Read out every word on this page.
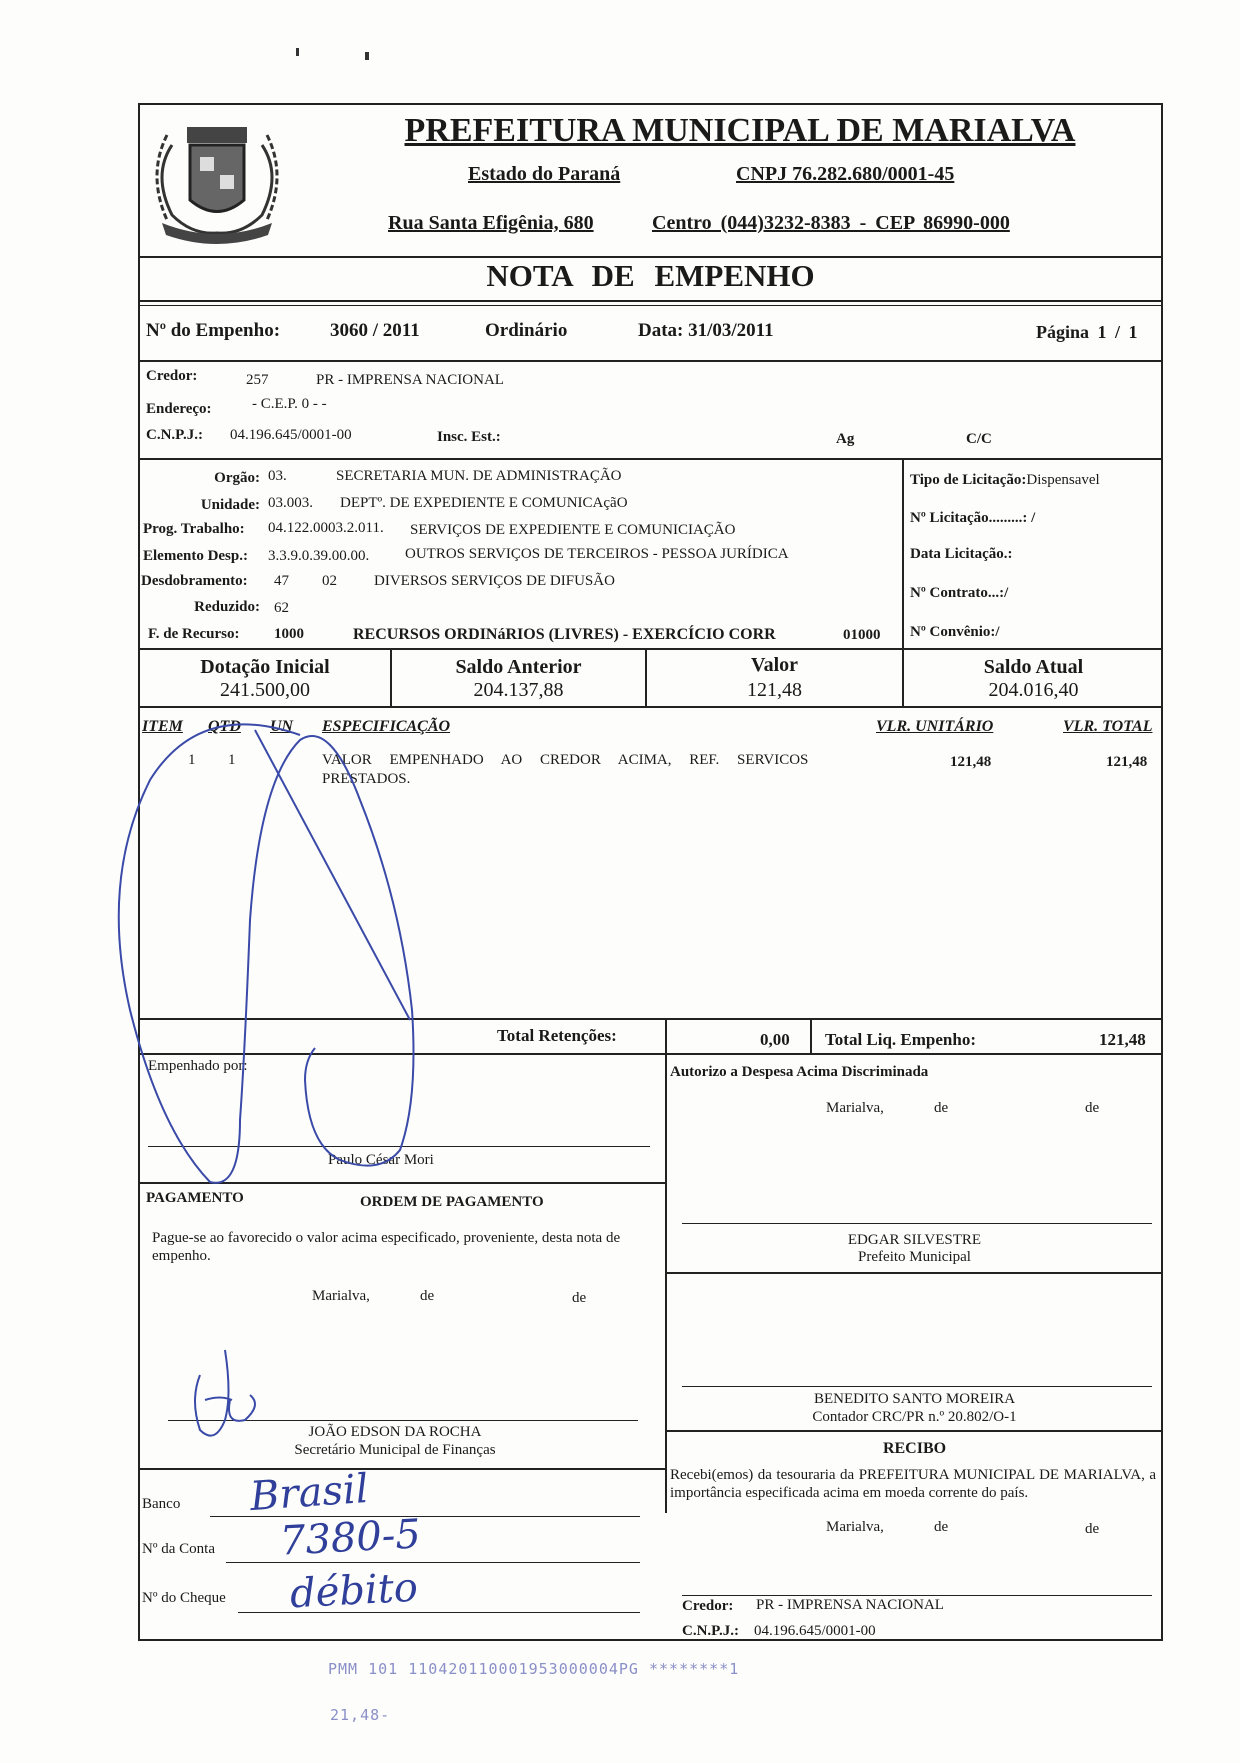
PREFEITURA MUNICIPAL DE MARIALVA
Estado do Paraná	CNPJ 76.282.680/0001-45
Rua Santa Efigênia, 680	Centro (044)3232-8383 - CEP 86990-000
NOTA DE EMPENHO
Nº do Empenho:	3060 / 2011	Ordinário	Data: 31/03/2011	Página 1 / 1
Credor:	257	PR - IMPRENSA NACIONAL
Endereço:	- C.E.P. 0 - -
C.N.P.J.: 04.196.645/0001-00	Insc. Est.:	Ag	C/C
Orgão: 03.	SECRETARIA MUN. DE ADMINISTRAÇÃO
Unidade: 03.003. DEPTº. DE EXPEDIENTE E COMUNICAçãO
Prog. Trabalho: 04.122.0003.2.011. SERVIÇOS DE EXPEDIENTE E COMUNICIAÇÃO
Elemento Desp.: 3.3.9.0.39.00.00. OUTROS SERVIÇOS DE TERCEIROS - PESSOA JURÍDICA
Desdobramento: 47 02 DIVERSOS SERVIÇOS DE DIFUSÃO
Reduzido: 62
F. de Recurso: 1000	RECURSOS ORDINáRIOS (LIVRES) - EXERCÍCIO CORR	01000
Tipo de Licitação:Dispensavel
Nº Licitação.........: /
Data Licitação.:
Nº Contrato...:/
Nº Convênio:/
Dotação Inicial
241.500,00
Saldo Anterior
204.137,88
Valor
121,48
Saldo Atual
204.016,40
ITEM QTD UN ESPECIFICAÇÃO	VLR. UNITÁRIO	VLR. TOTAL
1 1	VALOR EMPENHADO AO CREDOR ACIMA, REF. SERVICOS
PRESTADOS.
121,48	121,48
Total Retenções:	0,00 Total Liq. Empenho:	121,48
Empenhado por:
Paulo César Mori
Autorizo a Despesa Acima Discriminada
Marialva,	de	de
EDGAR SILVESTRE
Prefeito Municipal
PAGAMENTO	ORDEM DE PAGAMENTO
Pague-se ao favorecido o valor acima especificado, proveniente, desta nota de empenho.
Marialva,	de	de
JOÃO EDSON DA ROCHA
Secretário Municipal de Finanças
BENEDITO SANTO MOREIRA
Contador CRC/PR n.º 20.802/O-1
RECIBO
Recebi(emos) da tesouraria da PREFEITURA MUNICIPAL DE MARIALVA, a importância especificada acima em moeda corrente do país.
Marialva,	de	de
Credor: PR - IMPRENSA NACIONAL
C.N.P.J.: 04.196.645/0001-00
Banco
Nº da Conta
Nº do Cheque
Brasil
7380-5
débito
PMM 101 110420110001953000004PG ********1
21,48-
